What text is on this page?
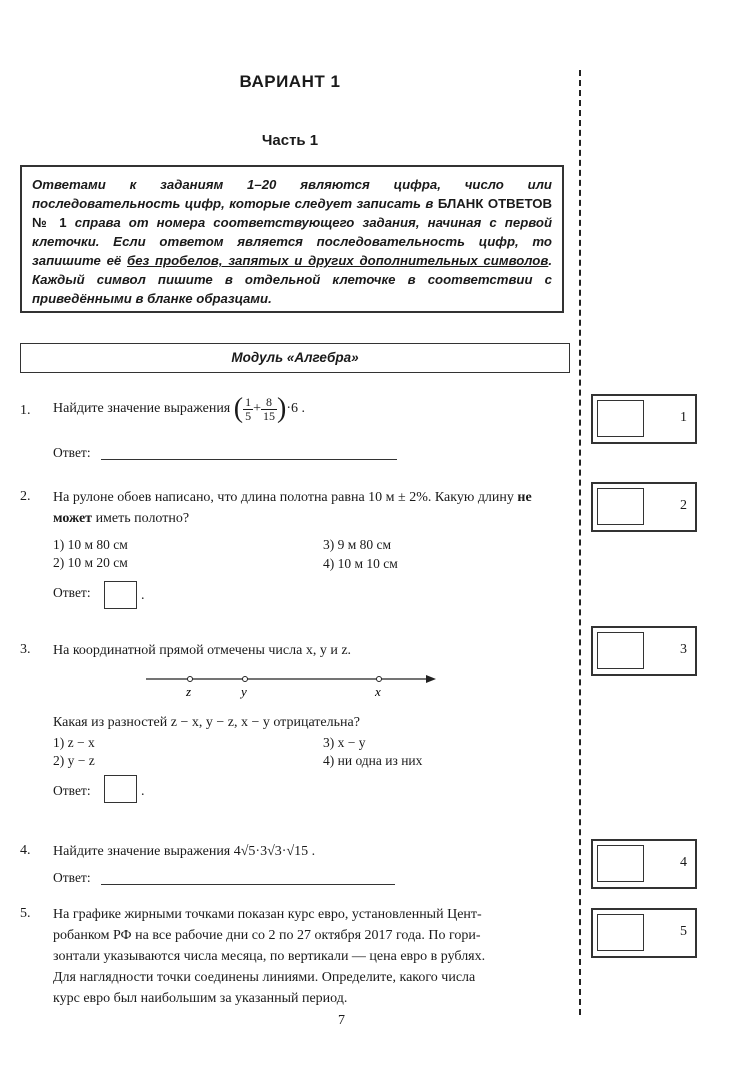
ВАРИАНТ 1
Часть 1
Ответами к заданиям 1–20 являются цифра, число или последовательность цифр, которые следует записать в БЛАНК ОТВЕТОВ № 1 справа от номера соответствующего задания, начиная с первой клеточки. Если ответом является последовательность цифр, то запишите её без пробелов, запятых и других дополнительных символов. Каждый символ пишите в отдельной клеточке в соответствии с приведёнными в бланке образцами.
Модуль «Алгебра»
1. Найдите значение выражения ( $\frac{1}{5} + \frac{8}{15} )\cdot 6$ .
Ответ:
2. На рулоне обоев написано, что длина полотна равна 10 м ± 2%. Какую длину не может иметь полотно?
1) 10 м 80 см
2) 10 м 20 см
3) 9 м 80 см
4) 10 м 10 см
Ответ:	.
3. На координатной прямой отмечены числа x, y и z.
z	y	x
Какая из разностей z − x, y − z, x − y отрицательна?
1) z − x
2) y − z
3) x − y
4) ни одна из них
Ответ:	.
4. Найдите значение выражения 4√5·3√3·√15 .
Ответ:
5. На графике жирными точками показан курс евро, установленный Цент-
робанком РФ на все рабочие дни со 2 по 27 октября 2017 года. По гори-
зонтали указываются числа месяца, по вертикали — цена евро в рублях.
Для наглядности точки соединены линиями. Определите, какого числа
курс евро был наибольшим за указанный период.
1
2
3
4
5
7
